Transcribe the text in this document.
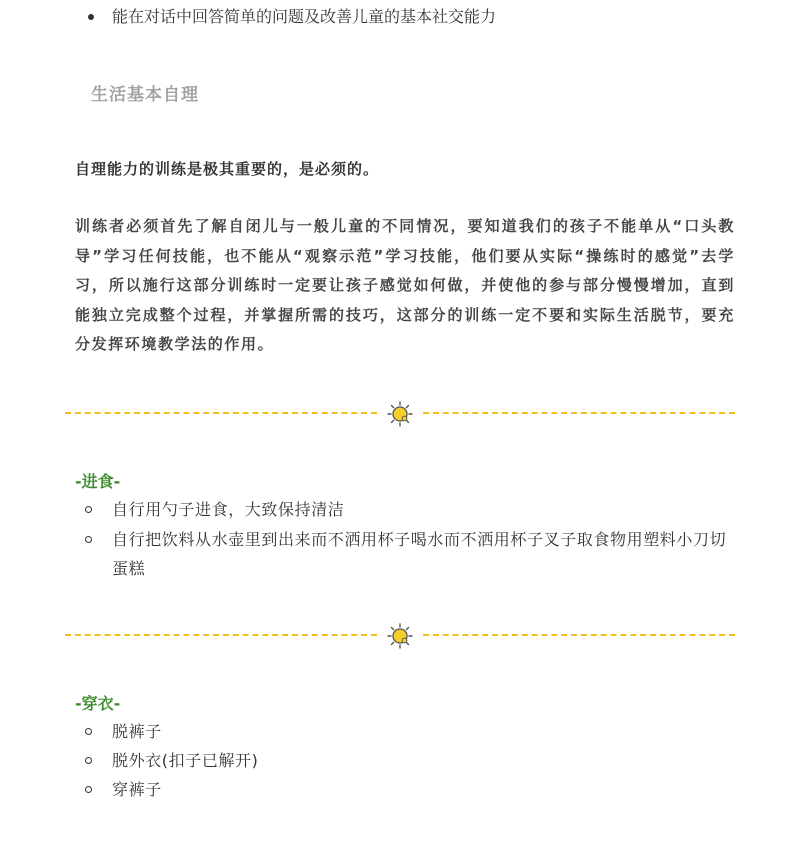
能在对话中回答简单的问题及改善儿童的基本社交能力
生活基本自理
自理能力的训练是极其重要的，是必须的。
训练者必须首先了解自闭儿与一般儿童的不同情况，要知道我们的孩子不能单从“口头教导”学习任何技能，也不能从“观察示范”学习技能，他们要从实际“操练时的感觉”去学习，所以施行这部分训练时一定要让孩子感觉如何做，并使他的参与部分慢慢增加，直到能独立完成整个过程，并掌握所需的技巧，这部分的训练一定不要和实际生活脱节，要充分发挥环境教学法的作用。
-进食-
自行用勺子进食，大致保持清洁
自行把饮料从水壶里到出来而不洒用杯子喝水而不洒用杯子叉子取食物用塑料小刀切蛋糕
-穿衣-
脱裤子
脱外衣(扣子已解开)
穿裤子
